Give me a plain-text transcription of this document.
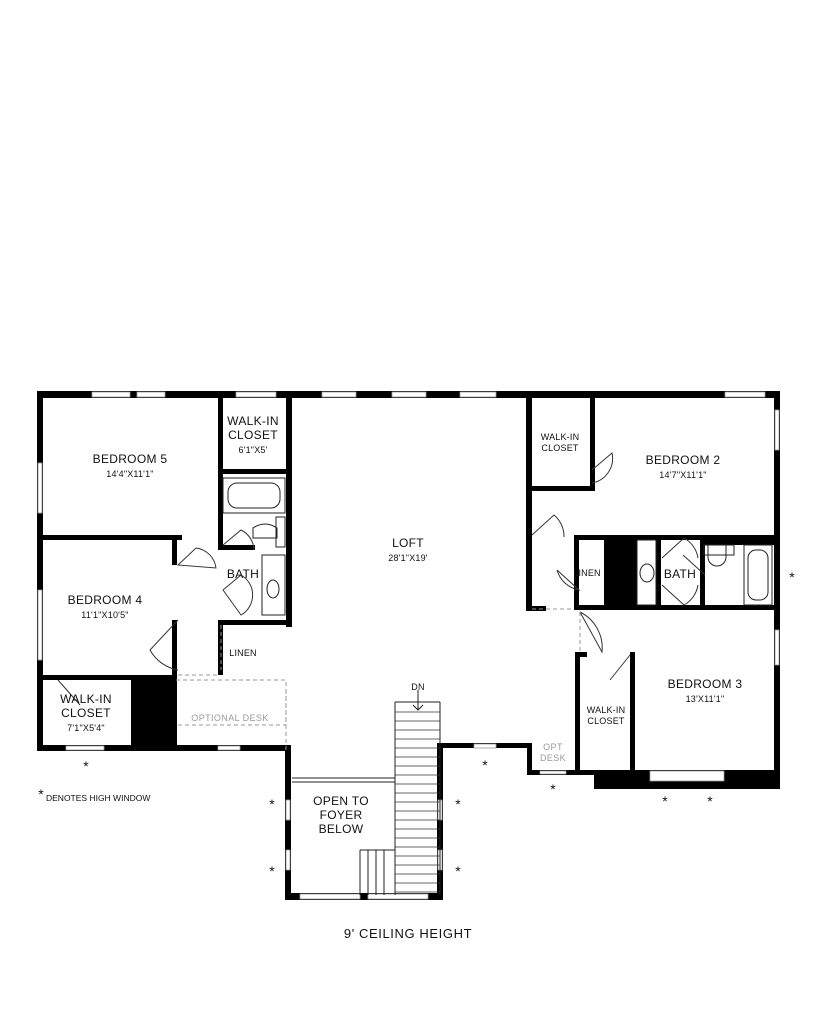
BEDROOM 5
14'4"X11'1"
WALK-IN
CLOSET
6'1"X5'
LOFT
28'1"X19'
WALK-IN
CLOSET
BEDROOM 2
14'7"X11'1"
BATH
BEDROOM 4
11'1"X10'5"
LINEN
LINEN	BATH
BEDROOM 3
13'X11'1"
WALK-IN
CLOSET
7'1"X5'4"
OPTIONAL DESK
WALK-IN
CLOSET
OPT
DESK
OPEN TO
FOYER
BELOW
DN
*	*
*
*	*
*
*
*
*
*
* DENOTES HIGH WINDOW
9' CEILING HEIGHT
